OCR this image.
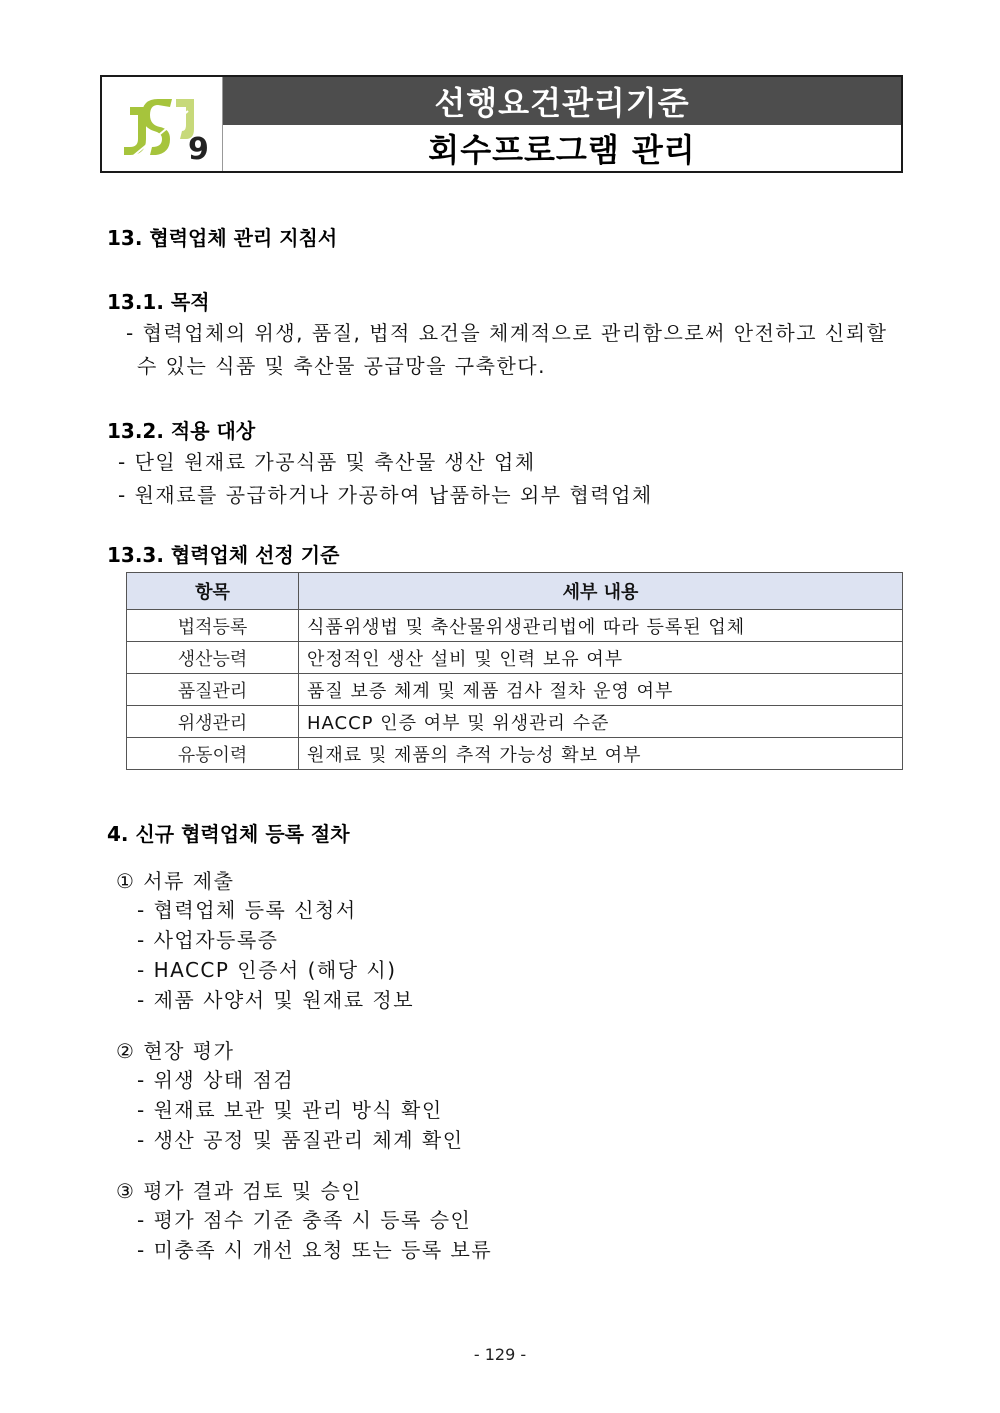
9
선행요건관리기준
회수프로그램 관리
13. 협력업체 관리 지침서
13.1. 목적
- 협력업체의 위생, 품질, 법적 요건을 체계적으로 관리함으로써 안전하고 신뢰할
수 있는 식품 및 축산물 공급망을 구축한다.
13.2. 적용 대상
- 단일 원재료 가공식품 및 축산물 생산 업체
- 원재료를 공급하거나 가공하여 납품하는 외부 협력업체
13.3. 협력업체 선정 기준
항목	세부 내용
법적등록	식품위생법 및 축산물위생관리법에 따라 등록된 업체
생산능력	안정적인 생산 설비 및 인력 보유 여부
품질관리	품질 보증 체계 및 제품 검사 절차 운영 여부
위생관리	HACCP 인증 여부 및 위생관리 수준
유동이력	원재료 및 제품의 추적 가능성 확보 여부
4. 신규 협력업체 등록 절차
① 서류 제출
- 협력업체 등록 신청서
- 사업자등록증
- HACCP 인증서 (해당 시)
- 제품 사양서 및 원재료 정보
② 현장 평가
- 위생 상태 점검
- 원재료 보관 및 관리 방식 확인
- 생산 공정 및 품질관리 체계 확인
③ 평가 결과 검토 및 승인
- 평가 점수 기준 충족 시 등록 승인
- 미충족 시 개선 요청 또는 등록 보류
- 129 -
